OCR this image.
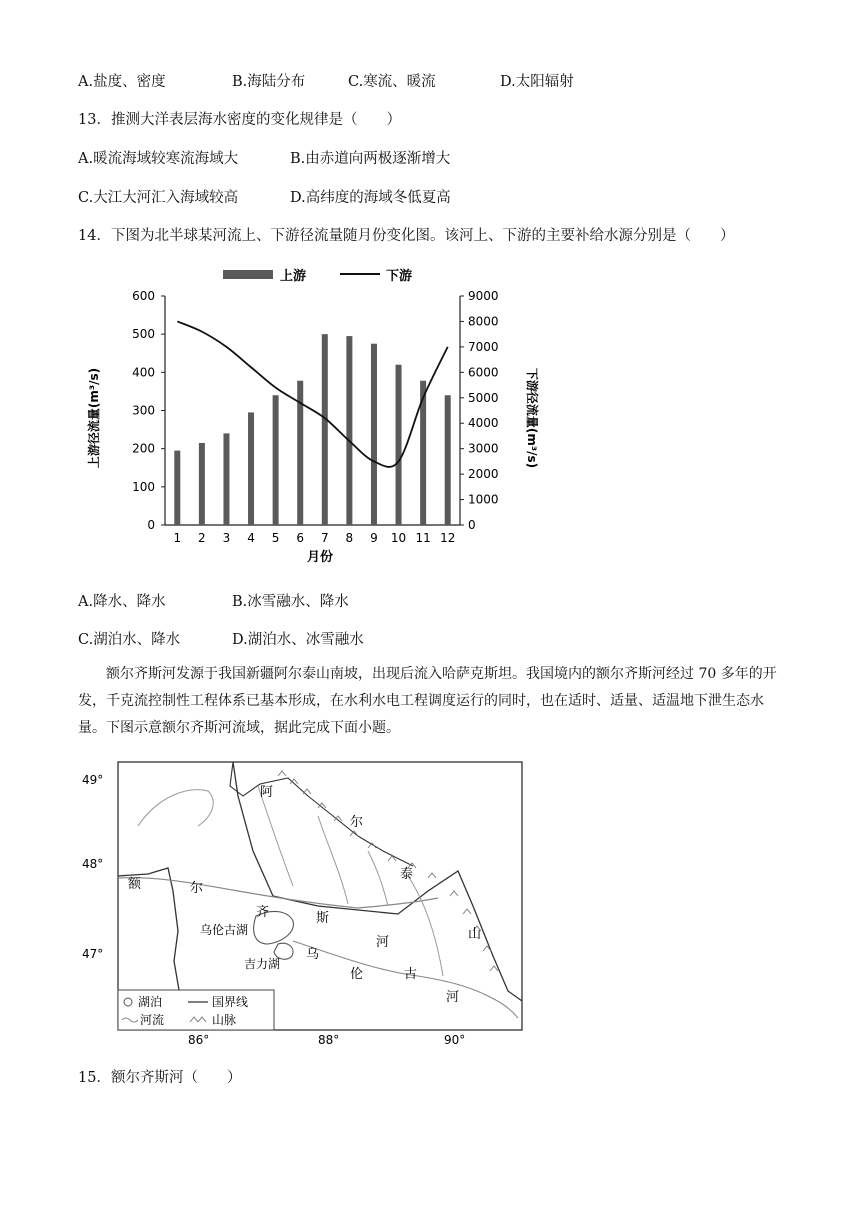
A.盐度、密度	B.海陆分布	C.寒流、暖流	D.太阳辐射
13．推测大洋表层海水密度的变化规律是（　　）
A.暖流海域较寒流海域大	B.由赤道向两极逐渐增大
C.大江大河汇入海域较高	D.高纬度的海域冬低夏高
14．下图为北半球某河流上、下游径流量随月份变化图。该河上、下游的主要补给水源分别是（　　）
上游	下游
0
100
200
300
400
500
600
0
1000
2000
3000
4000
5000
6000
7000
8000
9000
1 2 3 4 5 6 7 8 9 10 11 12
月份
上游径流量(m³/s)	下游径流量(m³/s)
A.降水、降水	B.冰雪融水、降水
C.湖泊水、降水	D.湖泊水、冰雪融水
额尔齐斯河发源于我国新疆阿尔泰山南坡，出现后流入哈萨克斯坦。我国境内的额尔齐斯河经过 70 多年的开发，千克流控制性工程体系已基本形成，在水利水电工程调度运行的同时，也在适时、适量、适温地下泄生态水量。下图示意额尔齐斯河流域，据此完成下面小题。
49°
48°
47°
86°	88°	90°
阿
尔
泰
山
额	尔
齐	斯
河
乌
伦	古
河
乌伦古湖
吉力湖
湖泊	国界线
河流	山脉
15．额尔齐斯河（　　）
